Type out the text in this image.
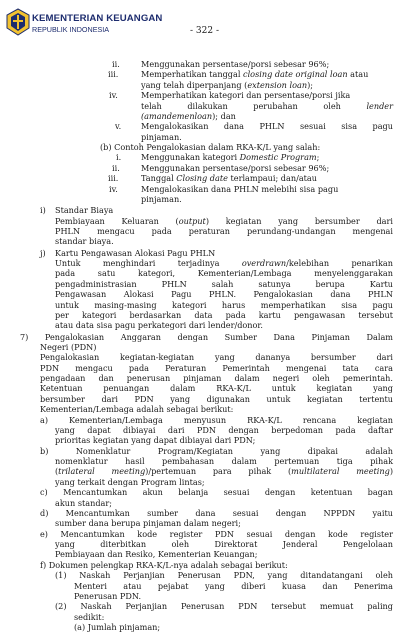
KEMENTERIAN KEUANGAN
REPUBLIK INDONESIA	- 322 -
ii.	Menggunakan persentase/porsi sebesar 96%;
iii.	Memperhatikan tanggal closing date original loan atau
yang telah diperpanjang (extension loan);
iv.	Memperhatikan kategori dan persentase/porsi jika
telah	dilakukan	perubahan	oleh	lender
(amandemenloan); dan
v. Mengalokasikan dana PHLN sesuai sisa pagu
pinjaman.
(b) Contoh Pengalokasian dalam RKA-K/L yang salah:
i. Menggunakan kategori Domestic Program;
ii.	Menggunakan persentase/porsi sebesar 96%;
iii.	Tanggal Closing date terlampaui; dan/atau
iv.	Mengalokasikan dana PHLN melebihi sisa pagu
pinjaman.
i) Standar Biaya
Pembiayaan Keluaran (output) kegiatan yang bersumber dari
PHLN mengacu pada peraturan perundang-undangan mengenai
standar biaya.
j) Kartu Pengawasan Alokasi Pagu PHLN
Untuk menghindari terjadinya overdrawn/kelebihan penarikan
pada satu kategori, Kementerian/Lembaga menyelenggarakan
pengadministrasian PHLN salah satunya berupa Kartu
Pengawasan Alokasi Pagu PHLN. Pengalokasian dana PHLN
untuk masing-masing kategori harus memperhatikan sisa pagu
per kategori berdasarkan data pada kartu pengawasan tersebut
atau data sisa pagu perkategori dari lender/donor.
7) Pengalokasian Anggaran dengan Sumber Dana Pinjaman Dalam
Negeri (PDN)
Pengalokasian kegiatan-kegiatan yang dananya bersumber dari
PDN mengacu pada Peraturan Pemerintah mengenai tata cara
pengadaan dan penerusan pinjaman dalam negeri oleh pemerintah.
Ketentuan penuangan dalam RKA-K/L untuk kegiatan yang
bersumber dari PDN yang digunakan untuk kegiatan tertentu
Kementerian/Lembaga adalah sebagai berikut:
a) Kementerian/Lembaga menyusun RKA-K/L rencana kegiatan
yang dapat dibiayai dari PDN dengan berpedoman pada daftar
prioritas kegiatan yang dapat dibiayai dari PDN;
b) Nomenklatur Program/Kegiatan yang dipakai adalah
nomenklatur hasil pembahasan dalam pertemuan tiga pihak
(trilateral meeting)/pertemuan para pihak (multilateral meeting)
yang terkait dengan Program lintas;
c) Mencantumkan akun belanja sesuai dengan ketentuan bagan
akun standar;
d) Mencantumkan sumber dana sesuai dengan NPPDN yaitu
sumber dana berupa pinjaman dalam negeri;
e) Mencantumkan kode register PDN sesuai dengan kode register
yang diterbitkan oleh Direktorat Jenderal Pengelolaan
Pembiayaan dan Resiko, Kementerian Keuangan;
f) Dokumen pelengkap RKA-K/L-nya adalah sebagai berikut:
(1) Naskah Perjanjian Penerusan PDN, yang ditandatangani oleh
Menteri atau pejabat yang diberi kuasa dan Penerima
Penerusan PDN.
(2) Naskah Perjanjian Penerusan PDN tersebut memuat paling
sedikit:
(a) Jumlah pinjaman;
